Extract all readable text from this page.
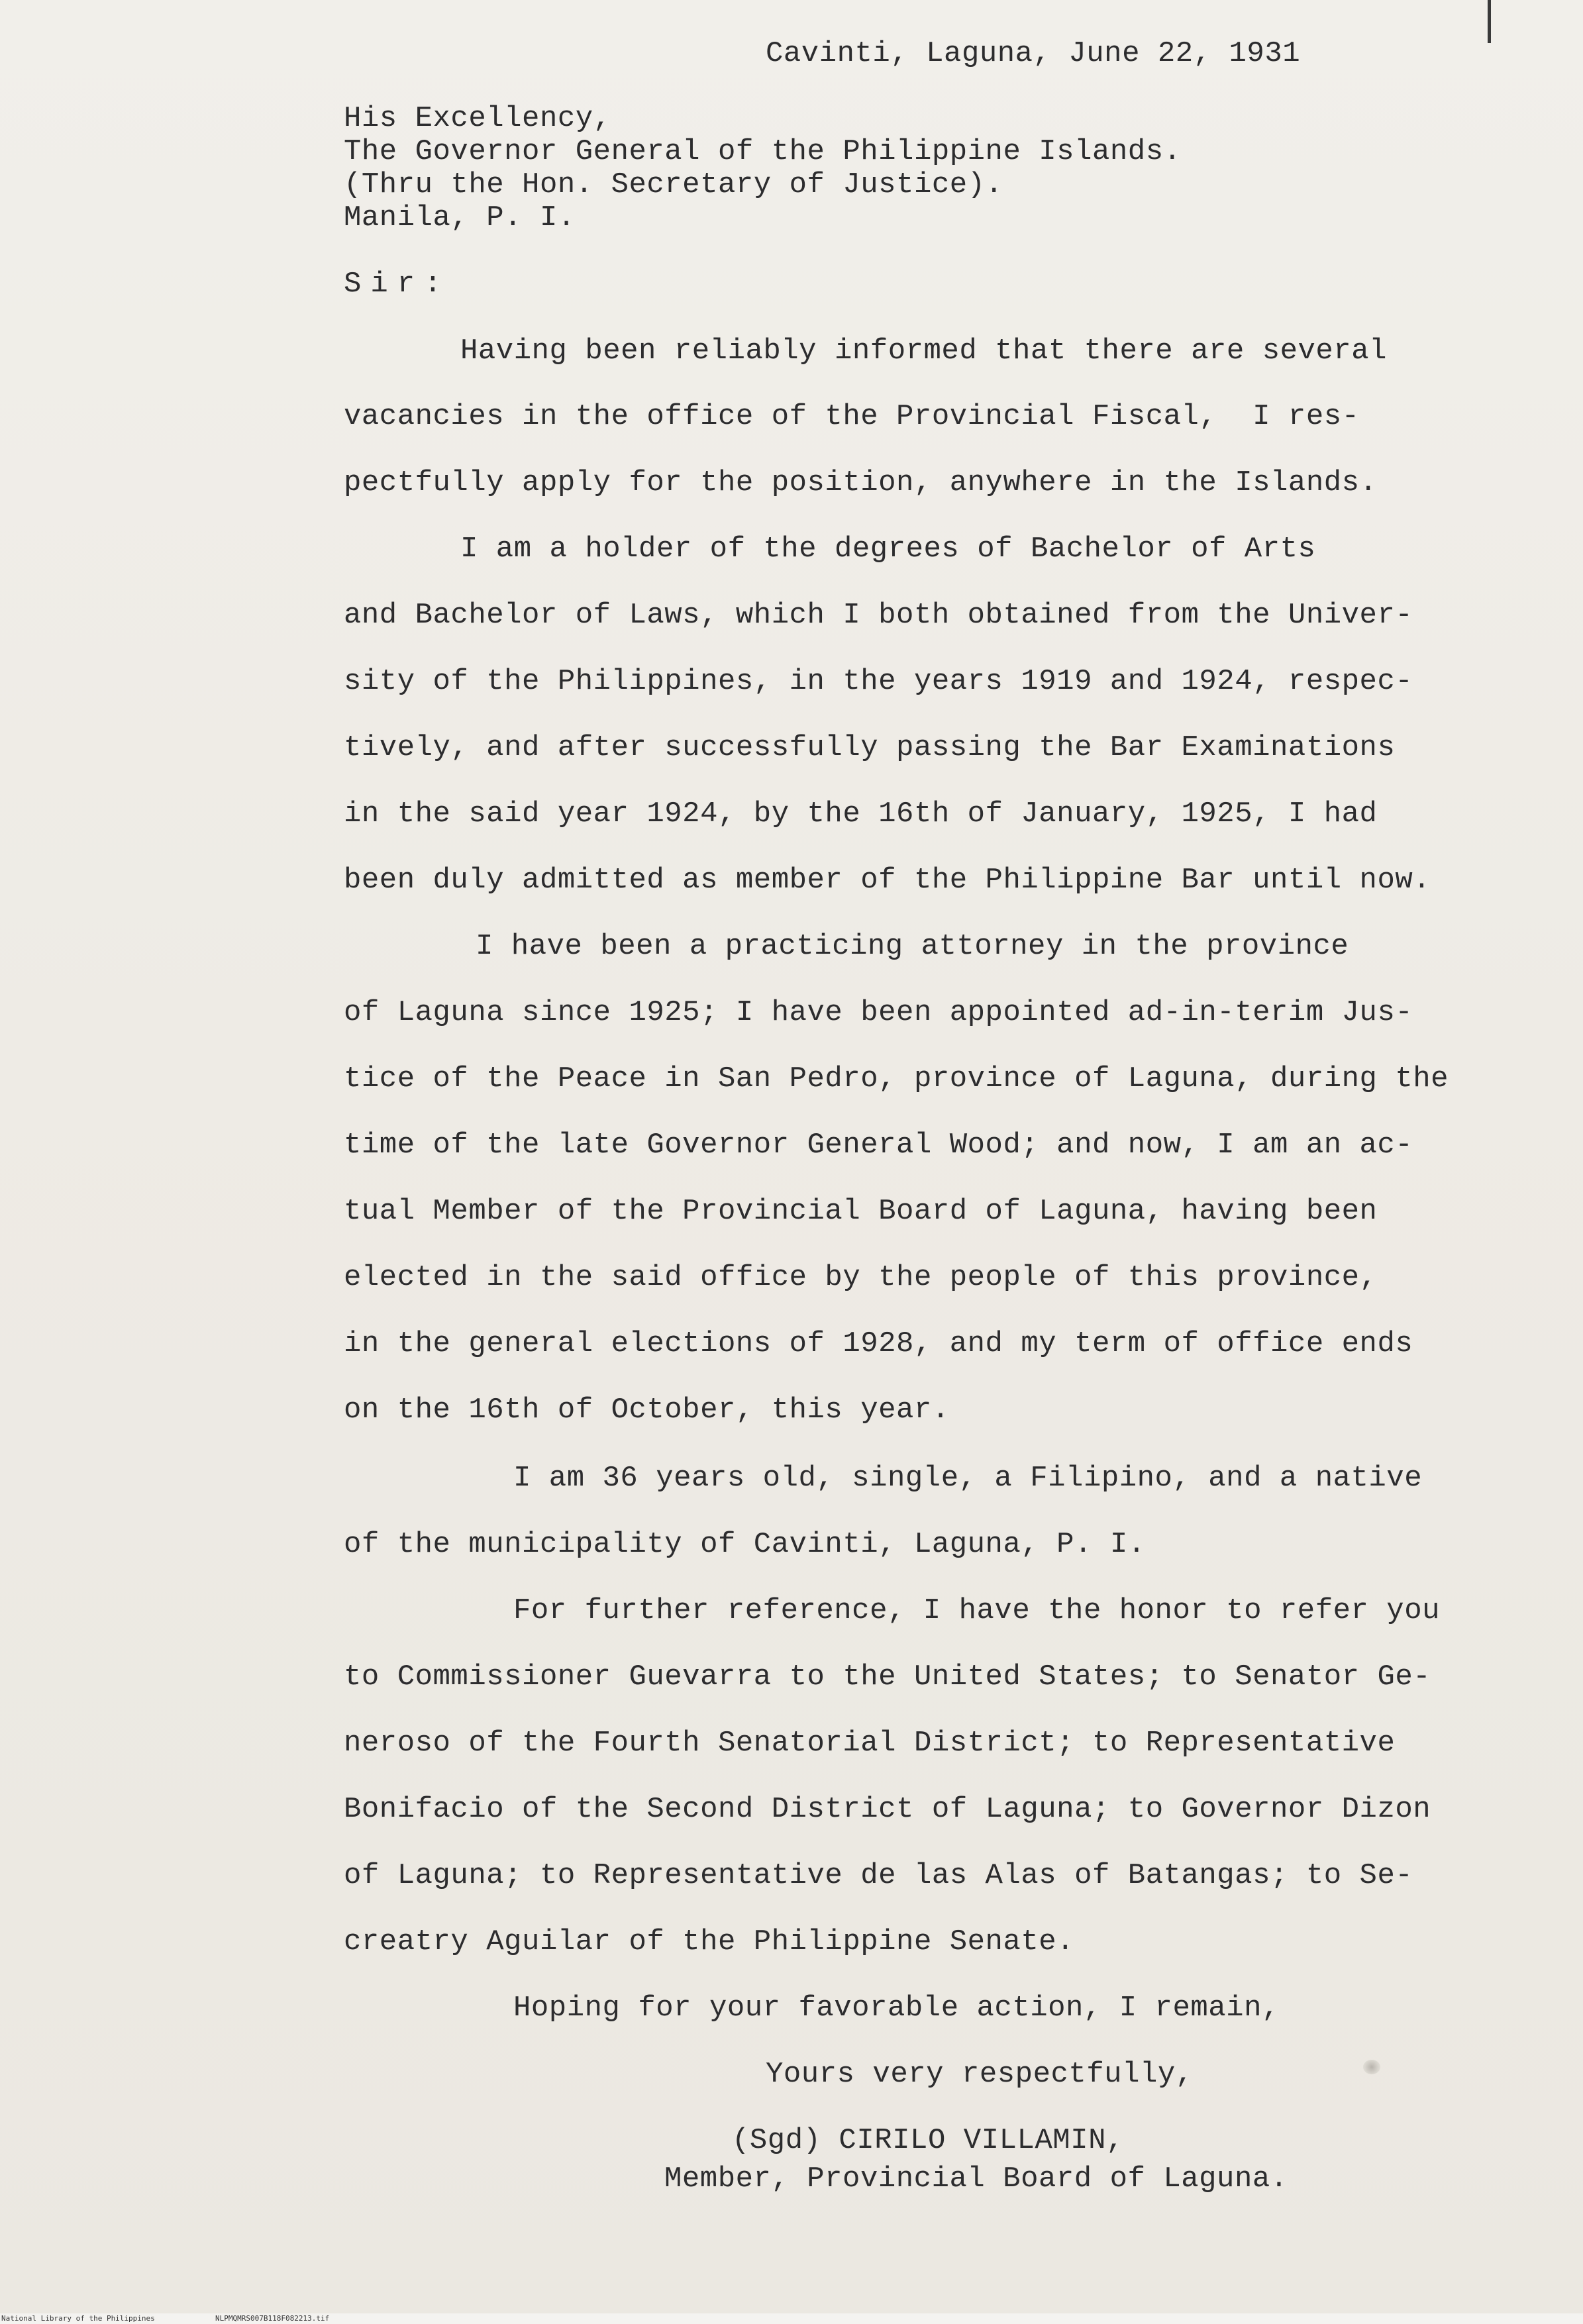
Cavinti, Laguna, June 22, 1931
His Excellency,
The Governor General of the Philippine Islands.
(Thru the Hon. Secretary of Justice).
Manila, P. I.
Sir:
Having been reliably informed that there are several
vacancies in the office of the Provincial Fiscal,  I res-
pectfully apply for the position, anywhere in the Islands.
I am a holder of the degrees of Bachelor of Arts
and Bachelor of Laws, which I both obtained from the Univer-
sity of the Philippines, in the years 1919 and 1924, respec-
tively, and after successfully passing the Bar Examinations
in the said year 1924, by the 16th of January, 1925, I had
been duly admitted as member of the Philippine Bar until now.
I have been a practicing attorney in the province
of Laguna since 1925; I have been appointed ad-in-terim Jus-
tice of the Peace in San Pedro, province of Laguna, during the
time of the late Governor General Wood; and now, I am an ac-
tual Member of the Provincial Board of Laguna, having been
elected in the said office by the people of this province,
in the general elections of 1928, and my term of office ends
on the 16th of October, this year.
I am 36 years old, single, a Filipino, and a native
of the municipality of Cavinti, Laguna, P. I.
For further reference, I have the honor to refer you
to Commissioner Guevarra to the United States; to Senator Ge-
neroso of the Fourth Senatorial District; to Representative
Bonifacio of the Second District of Laguna; to Governor Dizon
of Laguna; to Representative de las Alas of Batangas; to Se-
creatry Aguilar of the Philippine Senate.
Hoping for your favorable action, I remain,
Yours very respectfully,
(Sgd) CIRILO VILLAMIN,
Member, Provincial Board of Laguna.
National Library of the Philippines	NLPMQMRS007B118F082213.tif
